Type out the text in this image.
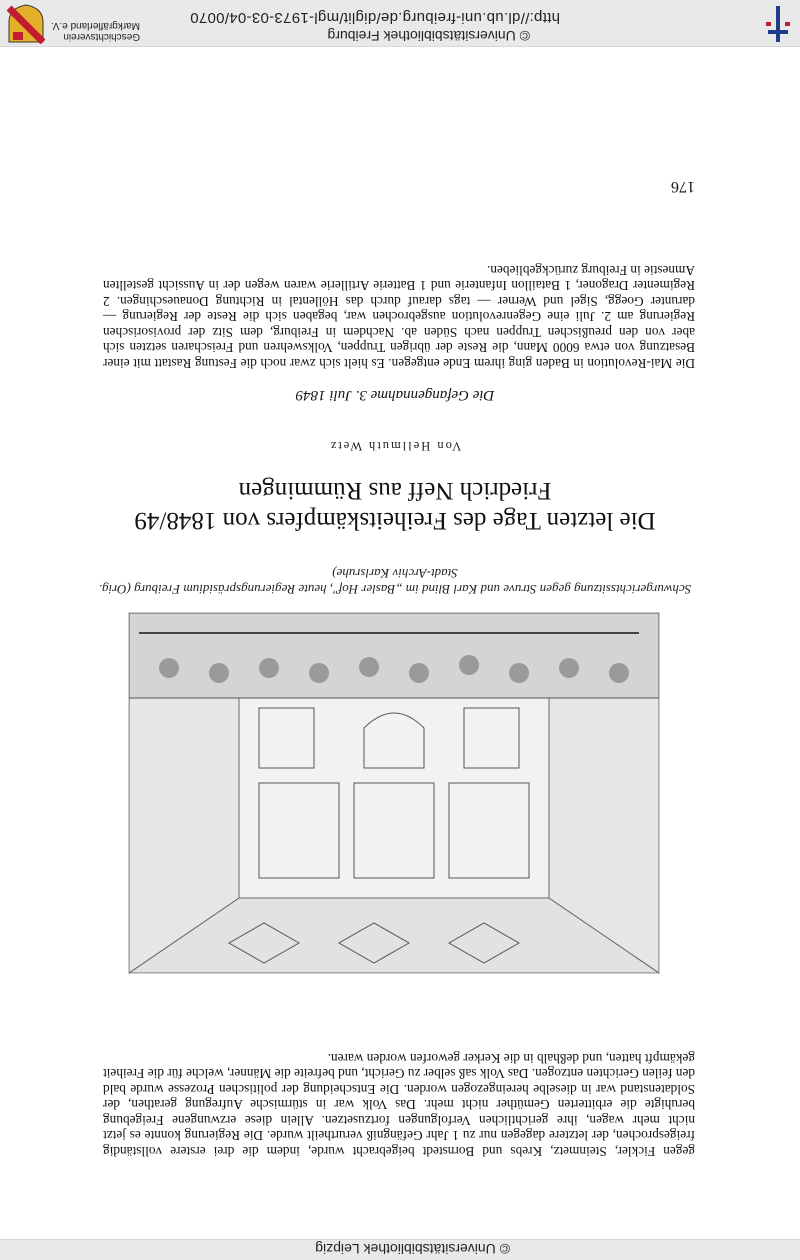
© Universitätsbibliothek Freiburg
http://dl.ub.uni-freiburg.de/diglit/mgl-1973-03-04/0070
Geschichtsverein Markgräflerland e.V.
© Universitätsbibliothek Leipzig

gegen Fickler, Steinmetz, Krebs und Bornstedt beigebracht wurde, indem die drei erstere vollständig freigesprochen, der letztere dagegen nur zu 1 Jahr Gefängniß verurtheilt wurde. Die Regierung konnte es jetzt nicht mehr wagen, ihre gerichtlichen Verfolgungen fortzusetzen. Allein diese erzwungene Freigebung beruhigte die erbitterten Gemüther nicht mehr. Das Volk war in stürmische Aufregung gerathen, der Soldatenstand war in dieselbe hereingezogen worden. Die Entscheidung der politischen Prozesse wurde bald den feilen Gerichten entzogen. Das Volk saß selber zu Gericht, und befreite die Männer, welche für die Freiheit gekämpft hatten, und deßhalb in die Kerker geworfen worden waren.

Schwurgerichtssitzung gegen Struve und Karl Blind im „Basler Hof", heute Regierungspräsidium Freiburg (Orig. Stadt-Archiv Karlsruhe)
Die letzten Tage des Freiheitskämpfers von 1848/49 Friedrich Neff aus Rümmingen
Von Hellmuth Wetz
Die Gefangennahme 3. Juli 1849

Die Mai-Revolution in Baden ging ihrem Ende entgegen. Es hielt sich zwar noch die Festung Rastatt mit einer Besatzung von etwa 6000 Mann, die Reste der übrigen Truppen, Volkswehren und Freischaren setzten sich aber von den preußischen Truppen nach Süden ab. Nachdem in Freiburg, dem Sitz der provisorischen Regierung am 2. Juli eine Gegenrevolution ausgebrochen war, begaben sich die Reste der Regierung — darunter Goegg, Sigel und Werner — tags darauf durch das Höllental in Richtung Donaueschingen. 2 Regimenter Dragoner, 1 Bataillon Infanterie und 1 Batterie Artillerie waren wegen der in Aussicht gestellten Amnestie in Freiburg zurückgeblieben.

176
